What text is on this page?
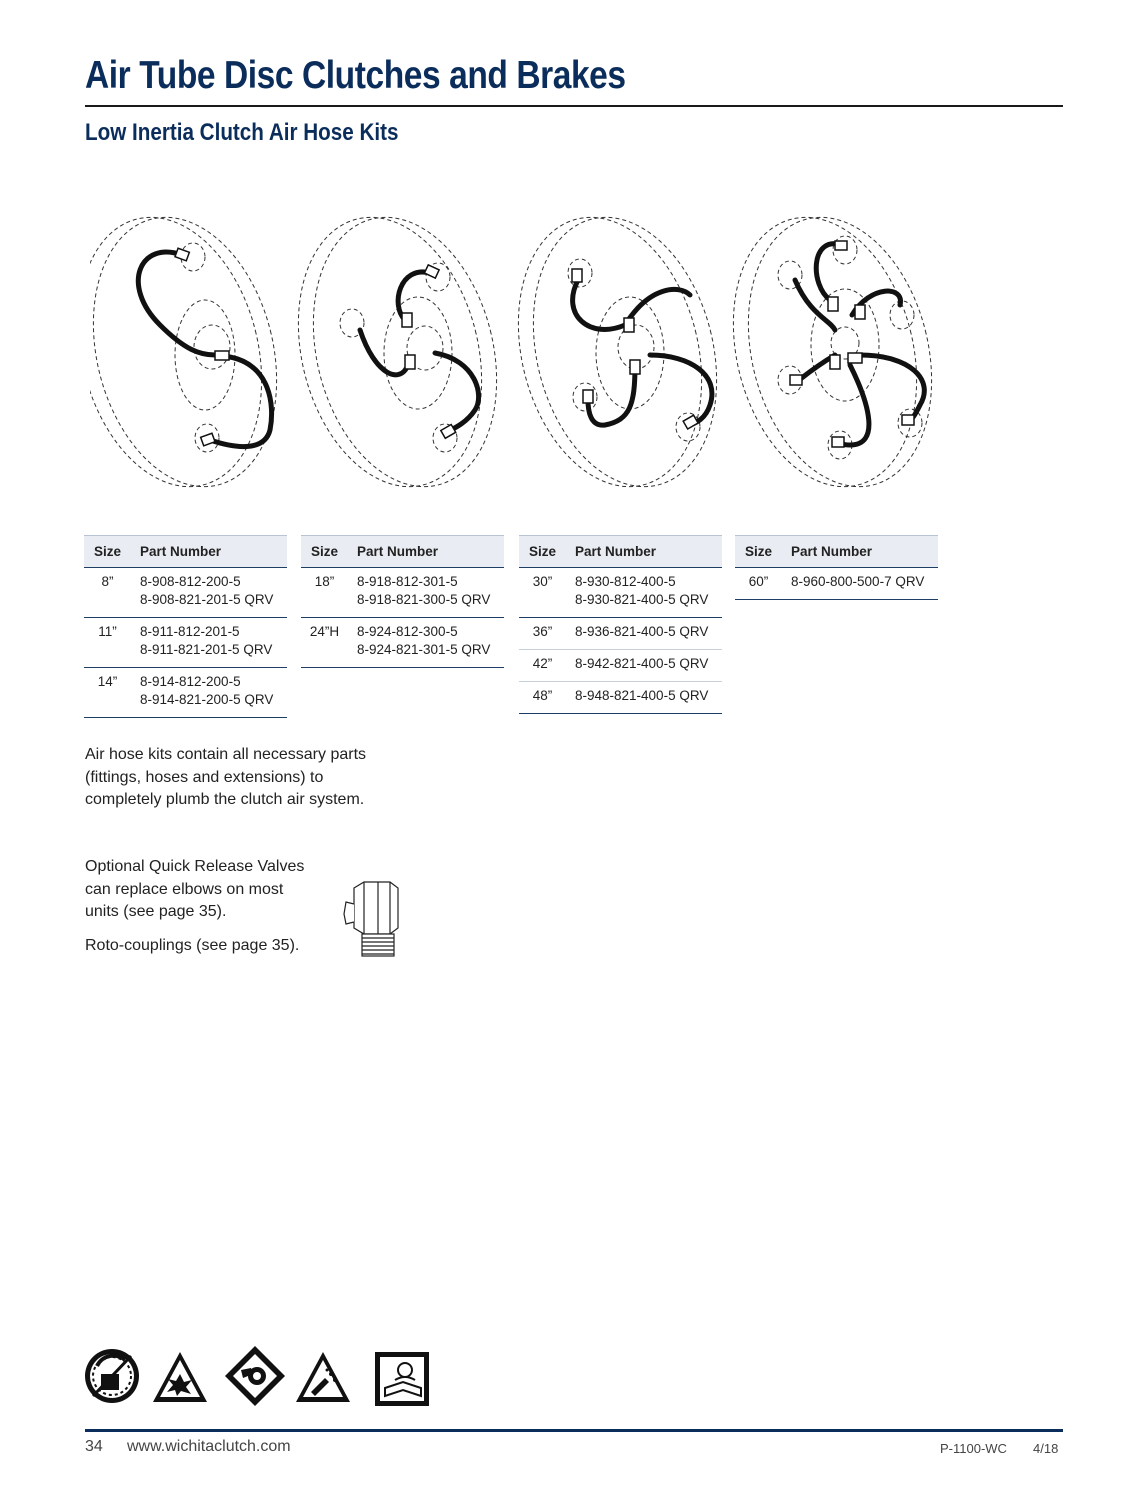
Air Tube Disc Clutches and Brakes
Low Inertia Clutch Air Hose Kits
Size	Part Number
8”	8-908-812-200-5
8-908-821-201-5 QRV

11”	8-911-812-201-5
8-911-821-201-5 QRV

14”	8-914-812-200-5
8-914-821-200-5 QRV
Size	Part Number
18”	8-918-812-301-5
8-918-821-300-5 QRV

24”H	8-924-812-300-5
8-924-821-301-5 QRV
Size	Part Number
30”	8-930-812-400-5
8-930-821-400-5 QRV

36”	8-936-821-400-5 QRV

42”	8-942-821-400-5 QRV

48”	8-948-821-400-5 QRV
Size	Part Number
60”	8-960-800-500-7 QRV

Air hose kits contain all necessary parts
(fittings, hoses and extensions) to
completely plumb the clutch air system.

Optional Quick Release Valves
can replace elbows on most
units (see page 35).

Roto-couplings (see page 35).

34 www.wichitaclutch.com	P-1100-WC 4/18
